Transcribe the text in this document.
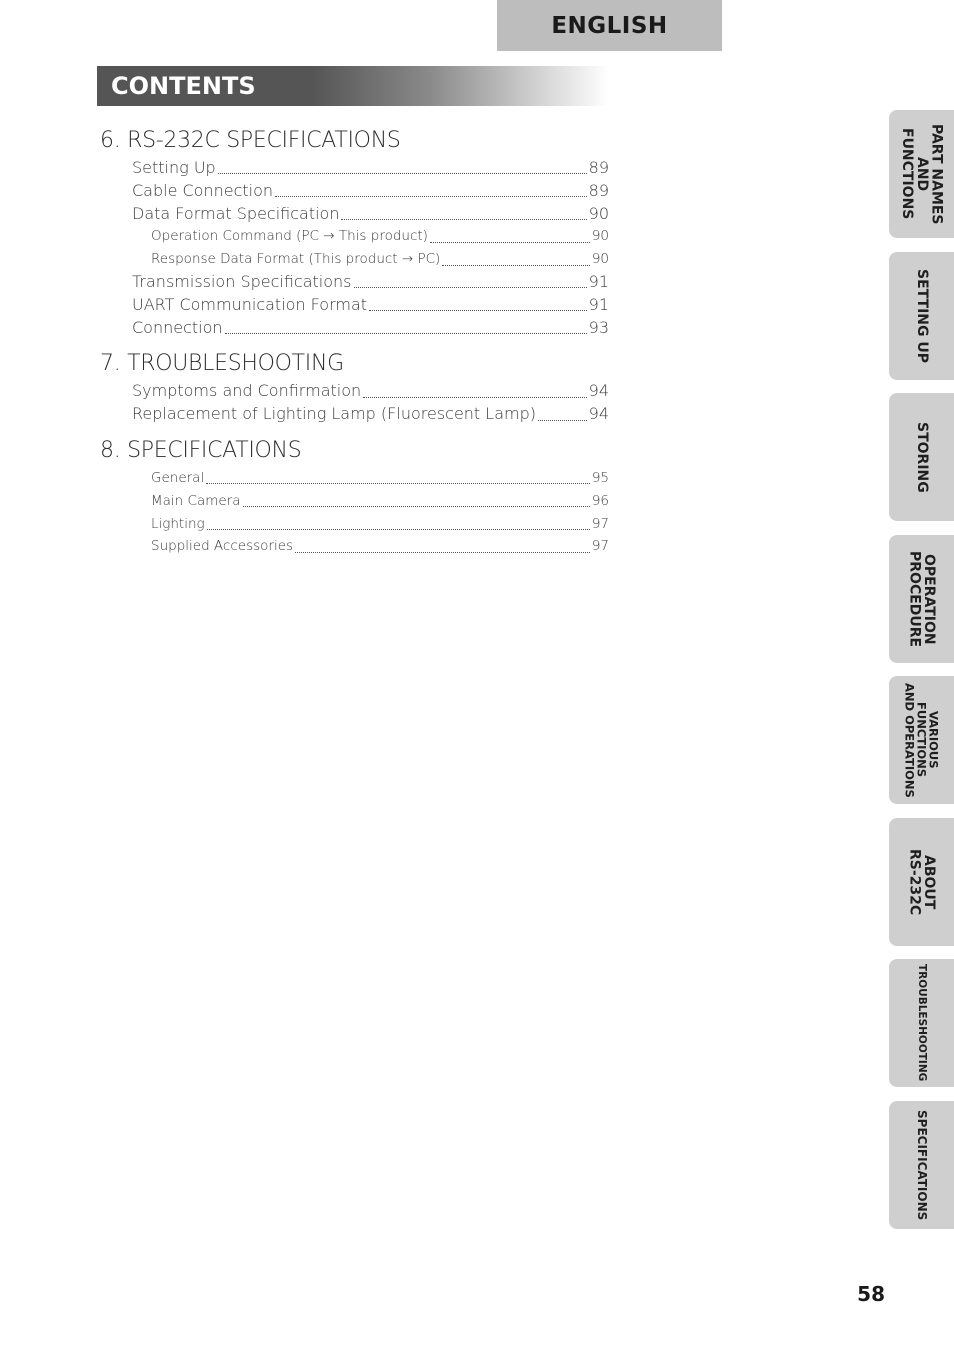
ENGLISH
CONTENTS
6. RS-232C SPECIFICATIONS
Setting Up	89
Cable Connection	89
Data Format Specification	90
Operation Command (PC → This product)	90
Response Data Format (This product → PC)	90
Transmission Specifications	91
UART Communication Format	91
Connection	93
7. TROUBLESHOOTING
Symptoms and Confirmation	94
Replacement of Lighting Lamp (Fluorescent Lamp)	94
8. SPECIFICATIONS
General	95
Main Camera	96
Lighting	97
Supplied Accessories	97
PART NAMES
AND
FUNCTIONS
SETTING UP
STORING
OPERATION
PROCEDURE
VARIOUS
FUNCTIONS
AND OPERATIONS
ABOUT
RS-232C
TROUBLESHOOTING
SPECIFICATIONS
58
